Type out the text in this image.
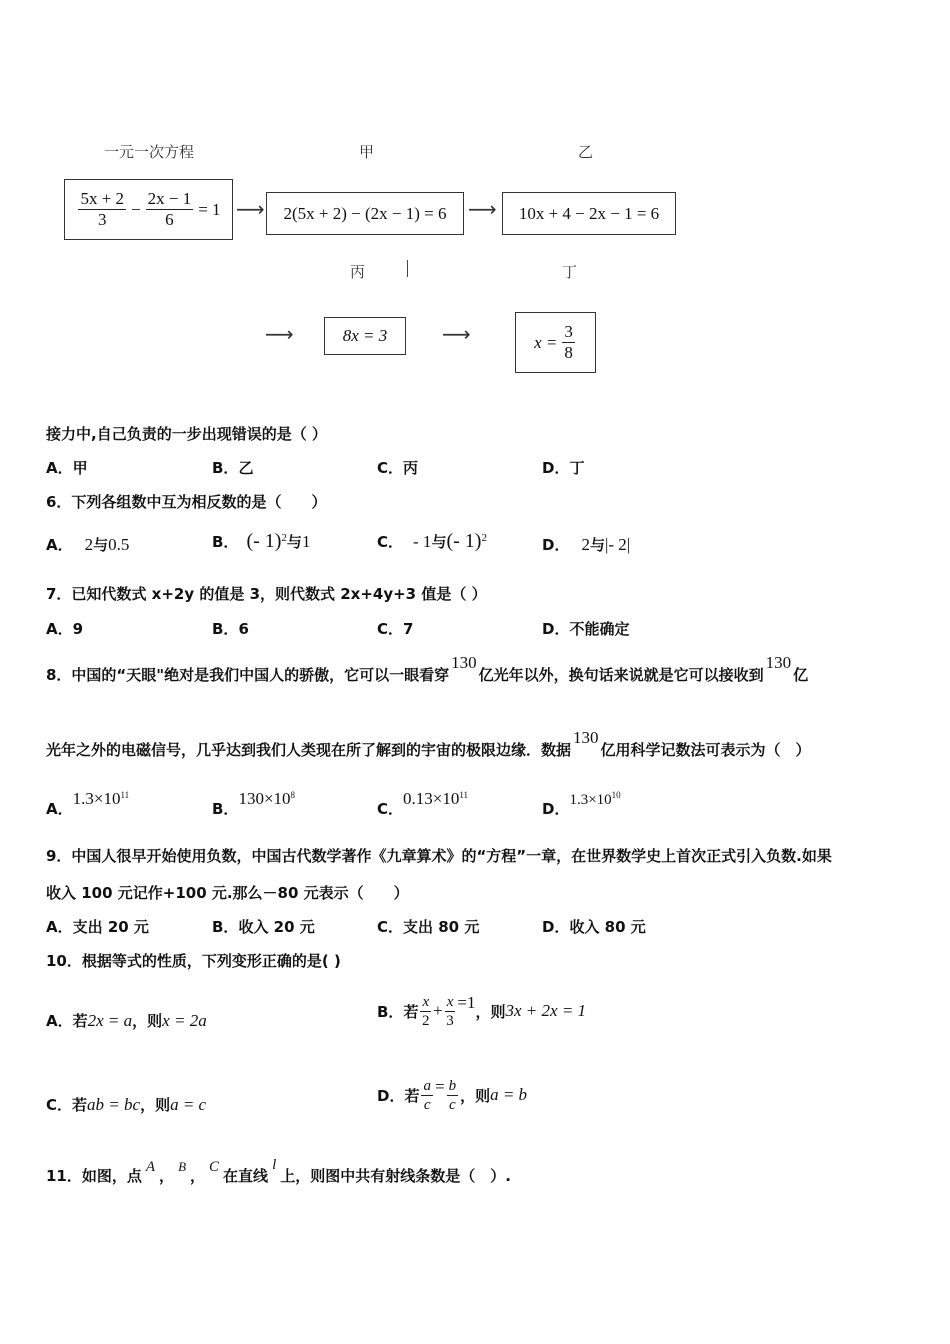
一元一次方程	甲	乙
$\frac{5x + 2}{3} - \frac{2x - 1}{6} = 1$ ⟶	2(5x + 2) − (2x − 1) = 6	⟶	10x + 4 − 2x − 1 = 6
丙	丁
⟶	8x = 3	⟶	$x = \frac{3}{8}$
接力中,自己负责的一步出现错误的是（ ）
A．甲	B．乙	C．丙	D．丁
6．下列各组数中互为相反数的是（　　）
A． 2与0.5	B． (- 1)$^2$与1	C． - 1与(- 1)$^2$	D． 2与|- 2|
7．已知代数式 x+2y 的值是 3，则代数式 2x+4y+3 值是（ ）
A．9	B．6	C．7	D．不能确定
8．中国的“天眼"绝对是我们中国人的骄傲，它可以一眼看穿130亿光年以外，换句话来说就是它可以接收到130亿
光年之外的电磁信号，几乎达到我们人类现在所了解到的宇宙的极限边缘．数据130亿用科学记数法可表示为（　）
A．$1.3\times 10^{11}$
B．$130\times 10^8$
C．$0.13\times 10^{11}$
D．$1.3\times 10^{10}$
9．中国人很早开始使用负数，中国古代数学著作《九章算术》的“方程”一章，在世界数学史上首次正式引入负数.如果
收入 100 元记作+100 元.那么－80 元表示（　　）
A．支出 20 元	B．收入 20 元	C．支出 80 元	D．收入 80 元
10．根据等式的性质，下列变形正确的是( )
A．若2x = a，则x = 2a	B． 若 $\frac{x}{2} + \frac{x}{3} =1$ ，则 3x + 2x = 1
C．若ab = bc，则a = c	D． 若 $\frac{a}{c} = \frac{b}{c}$ ，则 a = b
11．如图，点 A ，B， C 在直线l上，则图中共有射线条数是（　）.
